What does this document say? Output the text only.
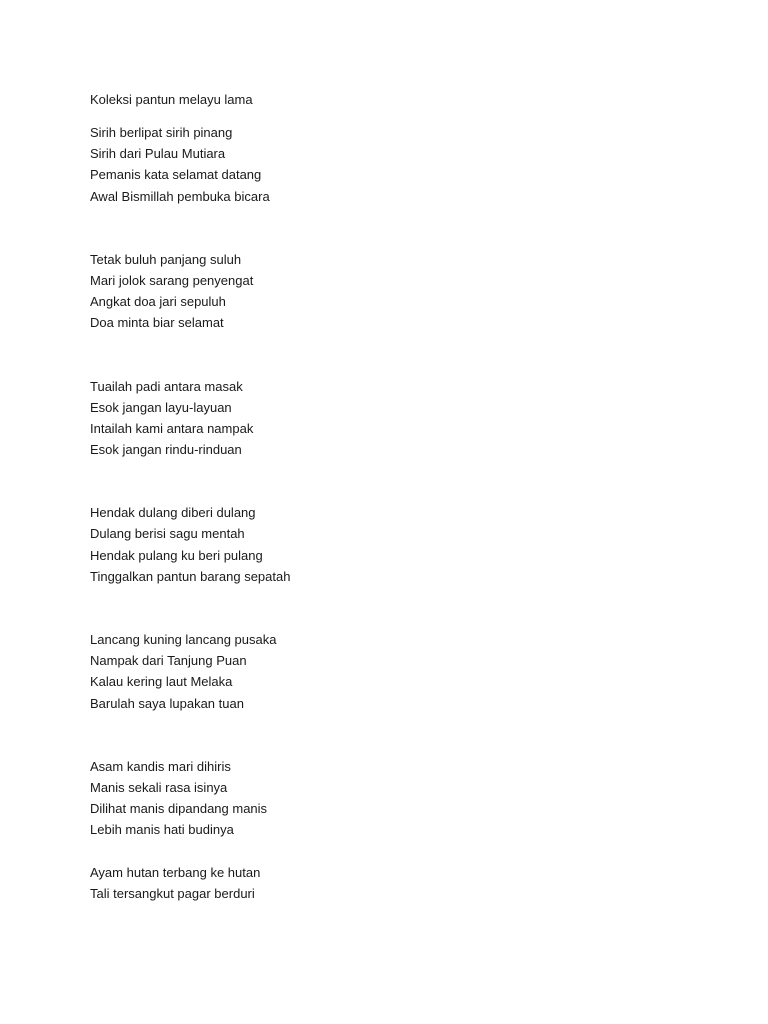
Koleksi pantun melayu lama
Sirih berlipat sirih pinang
Sirih dari Pulau Mutiara
Pemanis kata selamat datang
Awal Bismillah pembuka bicara
Tetak buluh panjang suluh
Mari jolok sarang penyengat
Angkat doa jari sepuluh
Doa minta biar selamat
Tuailah padi antara masak
Esok jangan layu-layuan
Intailah kami antara nampak
Esok jangan rindu-rinduan
Hendak dulang diberi dulang
Dulang berisi sagu mentah
Hendak pulang ku beri pulang
Tinggalkan pantun barang sepatah
Lancang kuning lancang pusaka
Nampak dari Tanjung Puan
Kalau kering laut Melaka
Barulah saya lupakan tuan
Asam kandis mari dihiris
Manis sekali rasa isinya
Dilihat manis dipandang manis
Lebih manis hati budinya
Ayam hutan terbang ke hutan
Tali tersangkut pagar berduri
